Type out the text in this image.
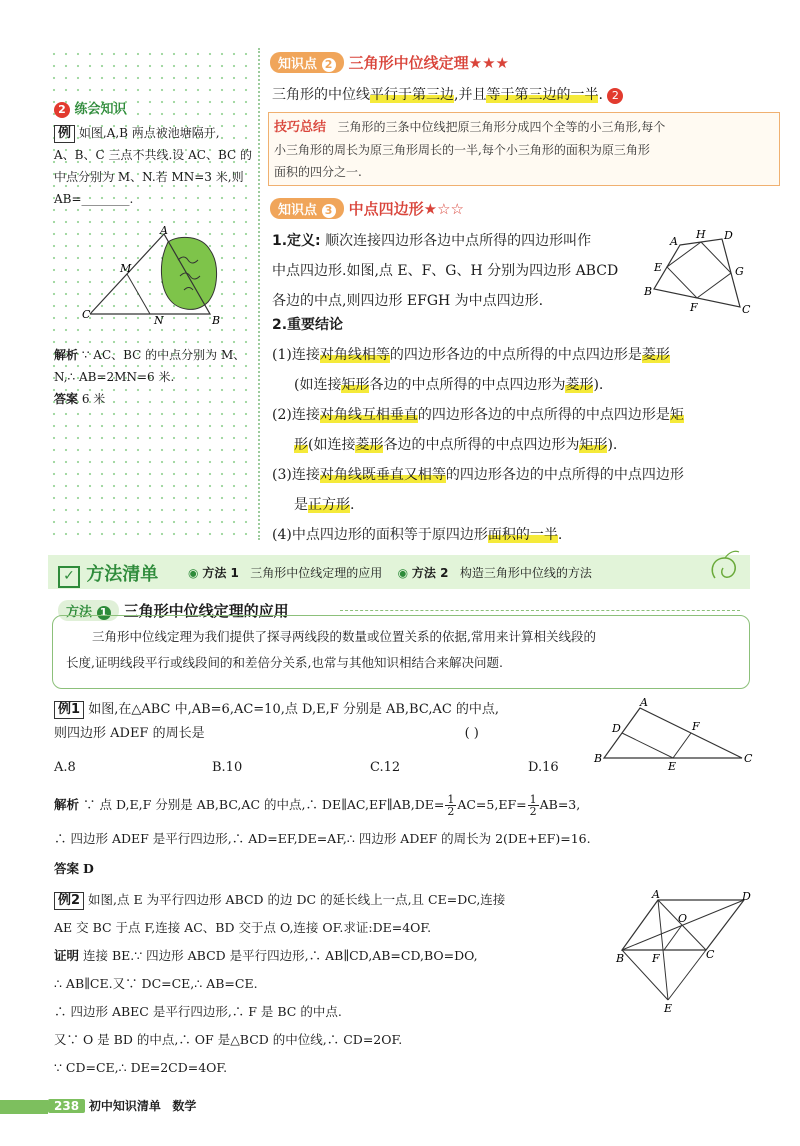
2 练会知识
例 如图,A,B 两点被池塘隔开,
A、B、C 三点不共线.设 AC、BC 的
中点分别为 M、N.若 MN=3 米,则
AB=________.
A
M
C	N	B
解析 ∵ AC、BC 的中点分别为 M、
N,∴ AB=2MN=6 米.
答案 6 米
知识点 2 三角形中位线定理★★★
三角形的中位线平行于第三边,并且等于第三边的一半. 2
技巧总结 三角形的三条中位线把原三角形分成四个全等的小三角形,每个
小三角形的周长为原三角形周长的一半,每个小三角形的面积为原三角形
面积的四分之一.
知识点 3 中点四边形★☆☆
1.定义: 顺次连接四边形各边中点所得的四边形叫作
中点四边形.如图,点 E、F、G、H 分别为四边形 ABCD
各边的中点,则四边形 EFGH 为中点四边形.
A
H D
E	G
B
F	C
2.重要结论
(1)连接对角线相等的四边形各边的中点所得的中点四边形是菱形
(如连接矩形各边的中点所得的中点四边形为菱形).
(2)连接对角线互相垂直的四边形各边的中点所得的中点四边形是矩
形(如连接菱形各边的中点所得的中点四边形为矩形).
(3)连接对角线既垂直又相等的四边形各边的中点所得的中点四边形
是正方形.
(4)中点四边形的面积等于原四边形面积的一半.
✓ 方法清单 ◉ 方法 1 三角形中位线定理的应用 ◉ 方法 2 构造三角形中位线的方法
方法 1 三角形中位线定理的应用
三角形中位线定理为我们提供了探寻两线段的数量或位置关系的依据,常用来计算相关线段的
长度,证明线段平行或线段间的和差倍分关系,也常与其他知识相结合来解决问题.
例1 如图,在△ABC 中,AB=6,AC=10,点 D,E,F 分别是 AB,BC,AC 的中点,
则四边形 ADEF 的周长是	( )
A.8	B.10	C.12	D.16
A
D	F
B
E
C
解析 ∵ 点 D,E,F 分别是 AB,BC,AC 的中点,∴ DE∥AC,EF∥AB,DE= $\frac{1}{2} AC=5,EF= \frac{1}{2} AB=3$,
∴ 四边形 ADEF 是平行四边形,∴ AD=EF,DE=AF,∴ 四边形 ADEF 的周长为 2(DE+EF)=16.
答案 D
例2 如图,点 E 为平行四边形 ABCD 的边 DC 的延长线上一点,且 CE=DC,连接
AE 交 BC 于点 F,连接 AC、BD 交于点 O,连接 OF.求证:DE=4OF.
证明 连接 BE.∵ 四边形 ABCD 是平行四边形,∴ AB∥CD,AB=CD,BO=DO,
∴ AB∥CE.又∵ DC=CE,∴ AB=CE.
∴ 四边形 ABEC 是平行四边形,∴ F 是 BC 的中点.
又∵ O 是 BD 的中点,∴ OF 是△BCD 的中位线,∴ CD=2OF.
∵ CD=CE,∴ DE=2CD=4OF.
A	D
O
B	F	C
E
238 初中知识清单 数学
